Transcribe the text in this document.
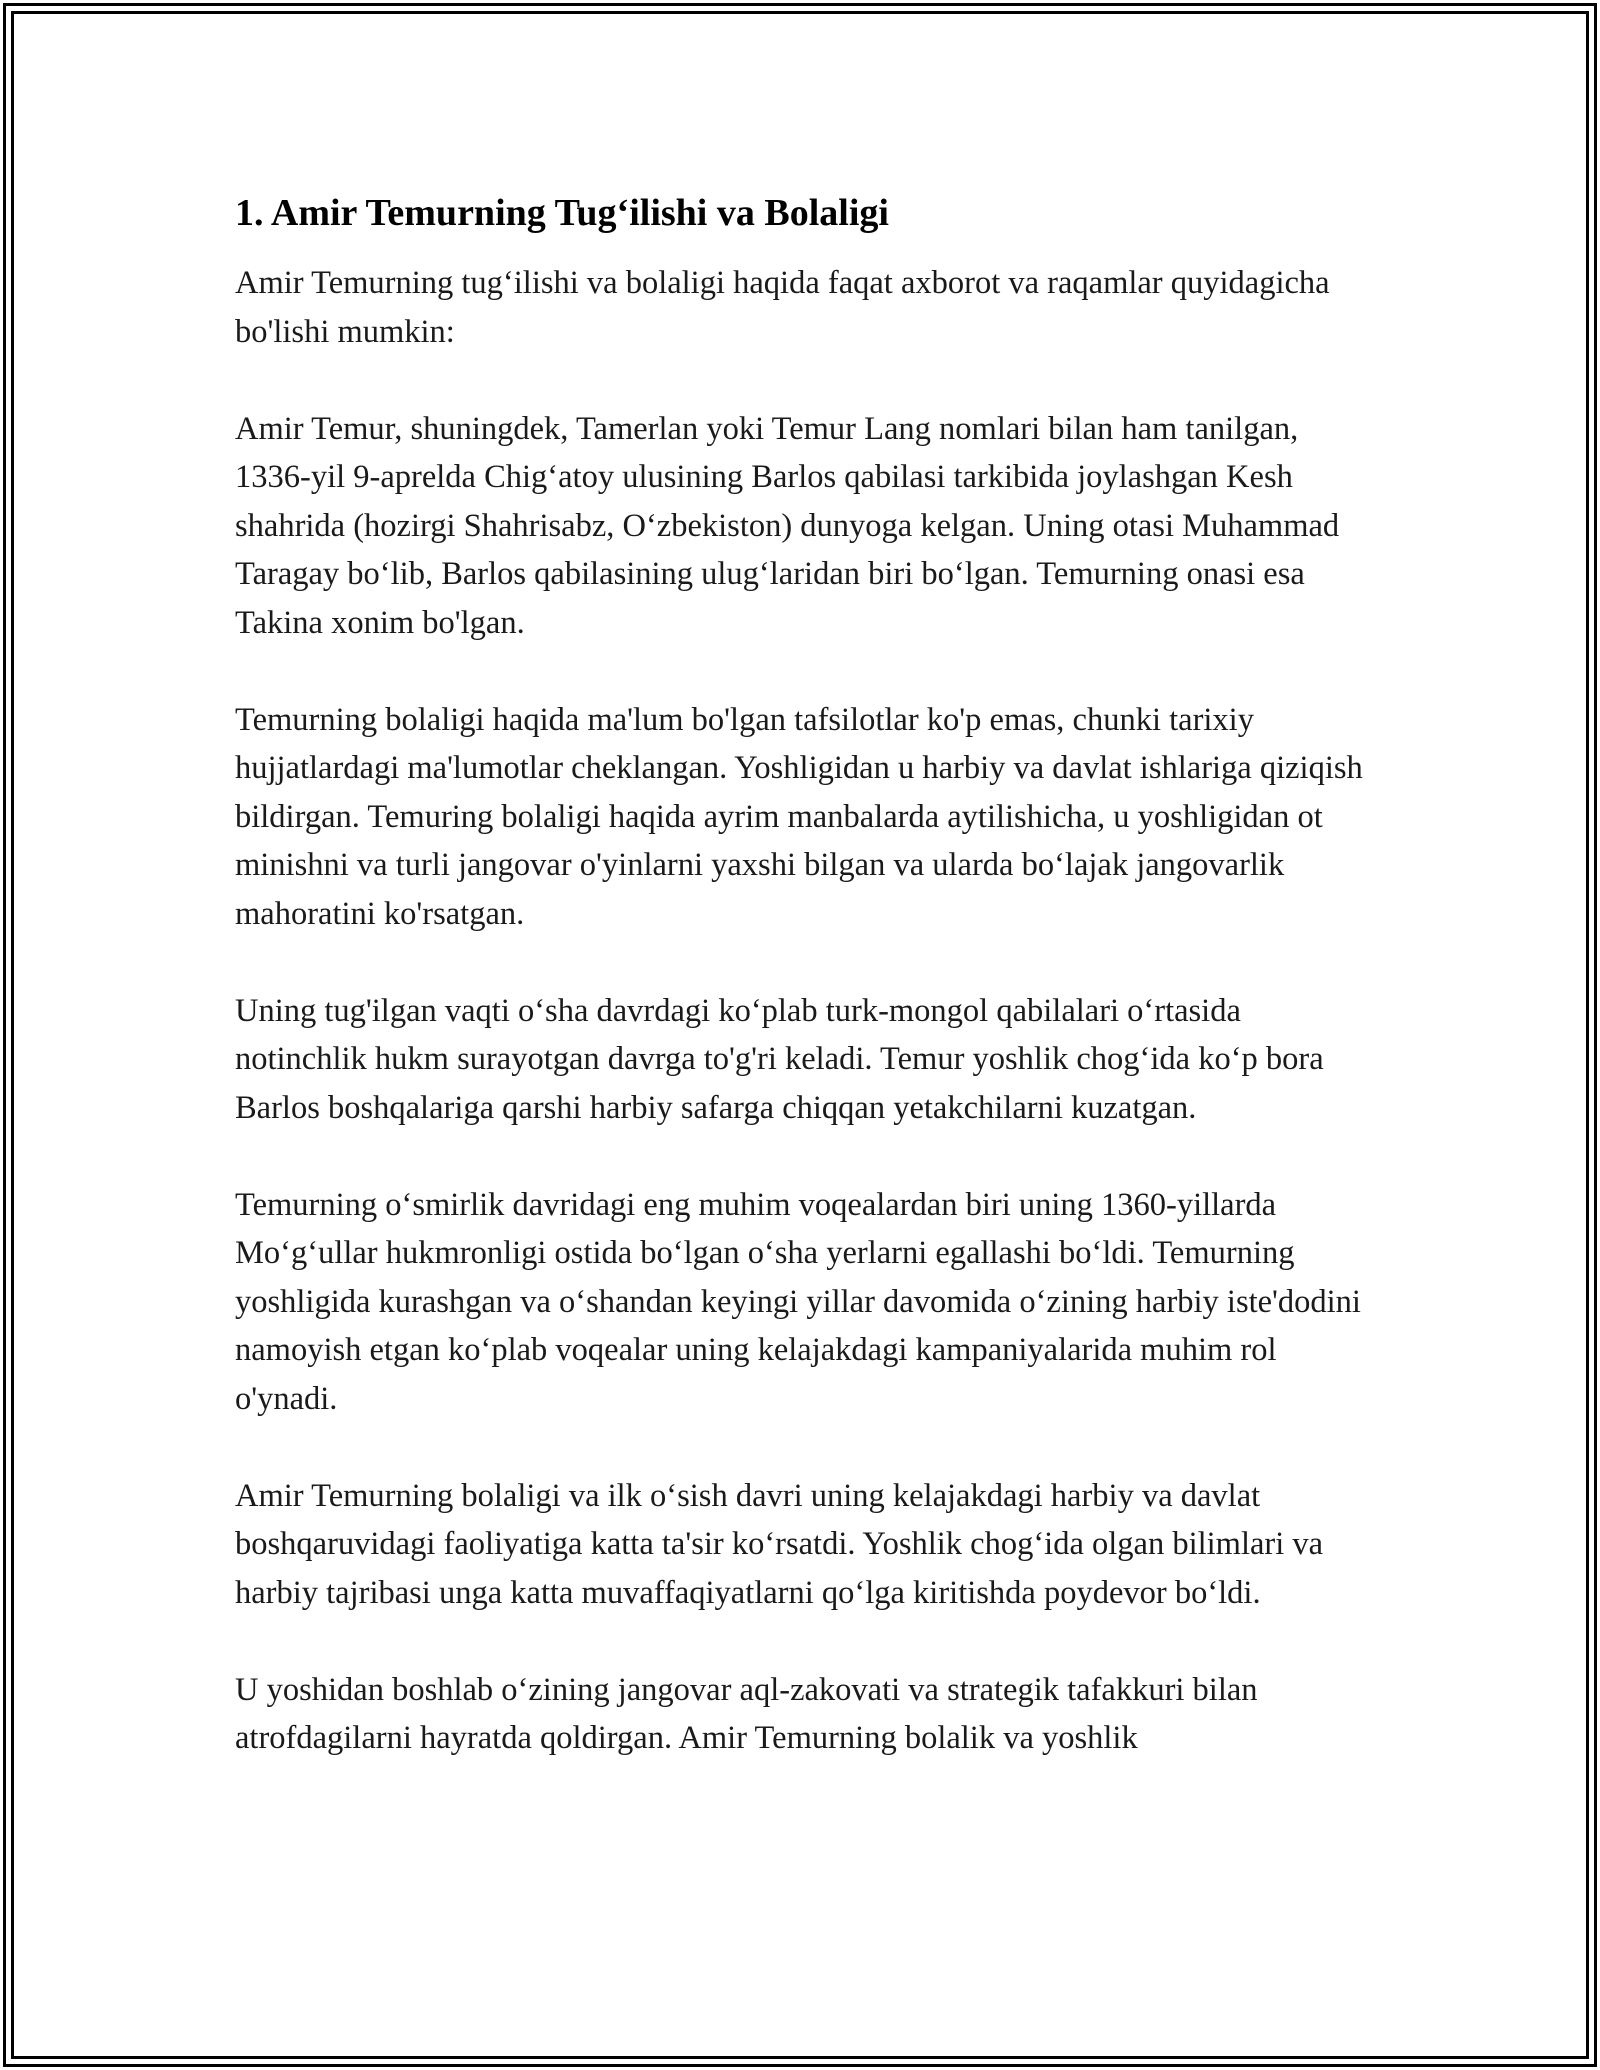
1. Amir Temurning Tug‘ilishi va Bolaligi

Amir Temurning tug‘ilishi va bolaligi haqida faqat axborot va raqamlar quyidagicha bo'lishi mumkin:

Amir Temur, shuningdek, Tamerlan yoki Temur Lang nomlari bilan ham tanilgan, 1336-yil 9-aprelda Chig‘atoy ulusining Barlos qabilasi tarkibida joylashgan Kesh shahrida (hozirgi Shahrisabz, O‘zbekiston) dunyoga kelgan. Uning otasi Muhammad Taragay bo‘lib, Barlos qabilasining ulug‘laridan biri bo‘lgan. Temurning onasi esa Takina xonim bo'lgan.

Temurning bolaligi haqida ma'lum bo'lgan tafsilotlar ko'p emas, chunki tarixiy hujjatlardagi ma'lumotlar cheklangan. Yoshligidan u harbiy va davlat ishlariga qiziqish bildirgan. Temuring bolaligi haqida ayrim manbalarda aytilishicha, u yoshligidan ot minishni va turli jangovar o'yinlarni yaxshi bilgan va ularda bo‘lajak jangovarlik mahoratini ko'rsatgan.

Uning tug'ilgan vaqti o‘sha davrdagi ko‘plab turk-mongol qabilalari o‘rtasida notinchlik hukm surayotgan davrga to'g'ri keladi. Temur yoshlik chog‘ida ko‘p bora Barlos boshqalariga qarshi harbiy safarga chiqqan yetakchilarni kuzatgan.

Temurning o‘smirlik davridagi eng muhim voqealardan biri uning 1360-yillarda Mo‘g‘ullar hukmronligi ostida bo‘lgan o‘sha yerlarni egallashi bo‘ldi. Temurning yoshligida kurashgan va o‘shandan keyingi yillar davomida o‘zining harbiy iste'dodini namoyish etgan ko‘plab voqealar uning kelajakdagi kampaniyalarida muhim rol o'ynadi.

Amir Temurning bolaligi va ilk o‘sish davri uning kelajakdagi harbiy va davlat boshqaruvidagi faoliyatiga katta ta'sir ko‘rsatdi. Yoshlik chog‘ida olgan bilimlari va harbiy tajribasi unga katta muvaffaqiyatlarni qo‘lga kiritishda poydevor bo‘ldi.

U yoshidan boshlab o‘zining jangovar aql-zakovati va strategik tafakkuri bilan atrofdagilarni hayratda qoldirgan. Amir Temurning bolalik va yoshlik
